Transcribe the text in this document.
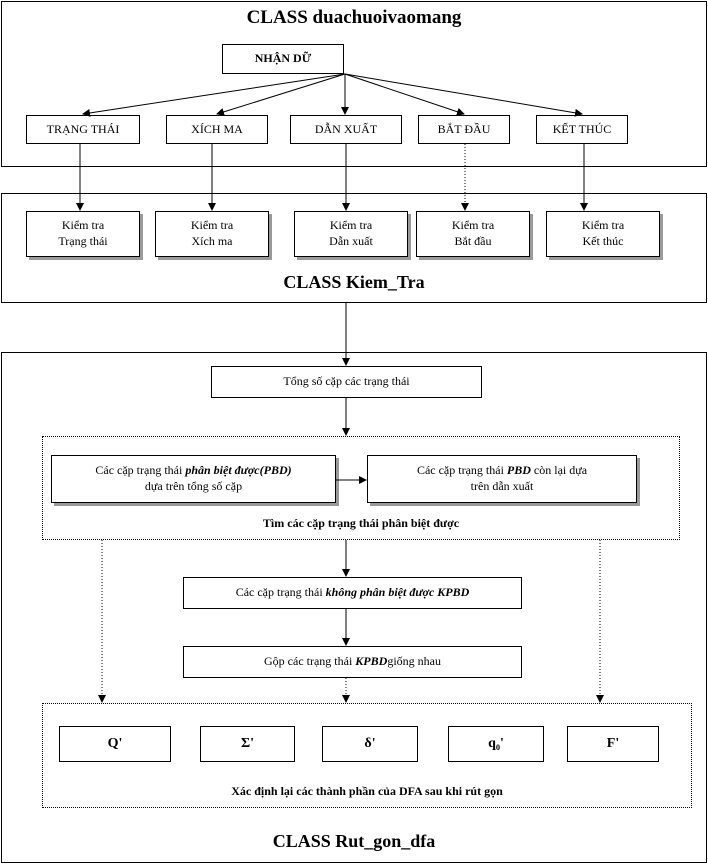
CLASS duachuoivaomang
NHẬN DỮ
TRẠNG THÁI	XÍCH MA	DẪN XUẤT	BẮT ĐẦU	KẾT THÚC
CLASS Kiem_Tra
Kiểm tra
Trạng thái
Kiểm tra
Xích ma
Kiểm tra
Dẫn xuất
Kiểm tra
Bắt đầu
Kiểm tra
Kết thúc
Tổng số cặp các trạng thái
Các cặp trạng thái phân biệt được(PBD)
dựa trên tổng số cặp
Các cặp trạng thái PBD còn lại dựa
trên dẫn xuất
Tìm các cặp trạng thái phân biệt được
Các cặp trạng thái không phân biệt được KPBD
Gộp các trạng thái KPBD giống nhau
Q'	Σ'	δ'	q₀'	F'
Xác định lại các thành phần của DFA sau khi rút gọn
CLASS Rut_gon_dfa
